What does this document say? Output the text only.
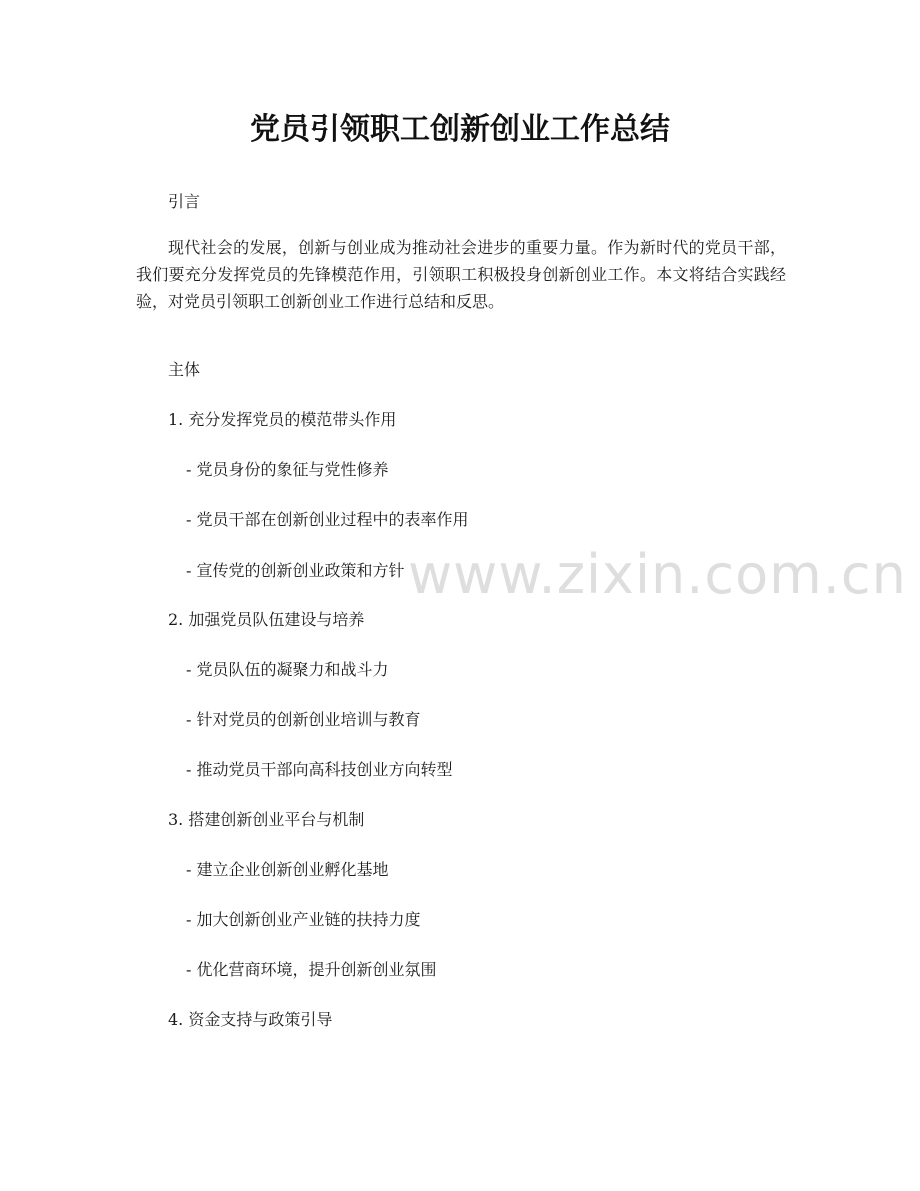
党员引领职工创新创业工作总结

引言

现代社会的发展，创新与创业成为推动社会进步的重要力量。作为新时代的党员干部，我们要充分发挥党员的先锋模范作用，引领职工积极投身创新创业工作。本文将结合实践经验，对党员引领职工创新创业工作进行总结和反思。

主体

1. 充分发挥党员的模范带头作用

- 党员身份的象征与党性修养

- 党员干部在创新创业过程中的表率作用

- 宣传党的创新创业政策和方针

2. 加强党员队伍建设与培养

- 党员队伍的凝聚力和战斗力

- 针对党员的创新创业培训与教育

- 推动党员干部向高科技创业方向转型

3. 搭建创新创业平台与机制

- 建立企业创新创业孵化基地

- 加大创新创业产业链的扶持力度

- 优化营商环境，提升创新创业氛围

4. 资金支持与政策引导

www.zixin.com.cn
